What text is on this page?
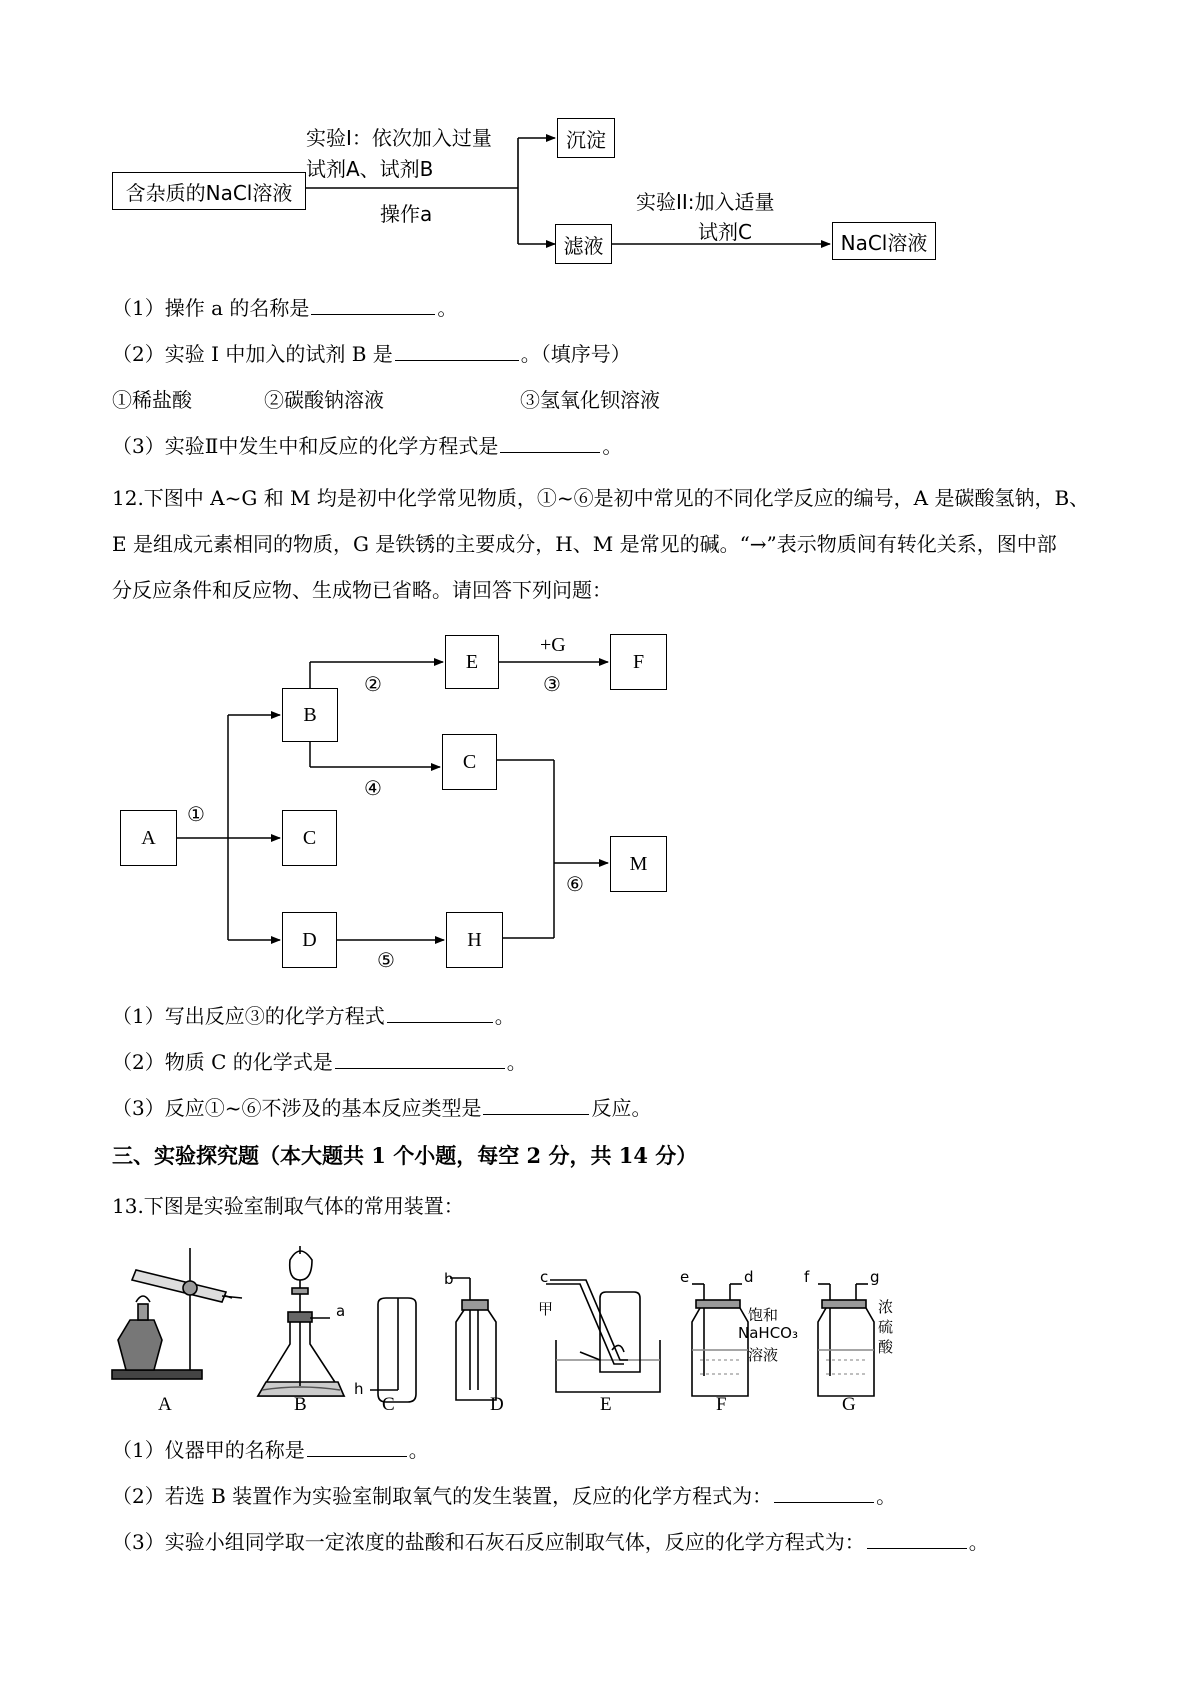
含杂质的NaCl溶液
实验I：依次加入过量
试剂A、试剂B
操作a
沉淀
滤液
实验II:加入适量
试剂C	NaCl溶液
（1）操作 a 的名称是	。
（2）实验 I 中加入的试剂 B 是	。（填序号）
①稀盐酸	②碳酸钠溶液	③氢氧化钡溶液
（3）实验Ⅱ中发生中和反应的化学方程式是	。
12.下图中 A~G 和 M 均是初中化学常见物质，①~⑥是初中常见的不同化学反应的编号，A 是碳酸氢钠，B、
E 是组成元素相同的物质，G 是铁锈的主要成分，H、M 是常见的碱。“→”表示物质间有转化关系，图中部
分反应条件和反应物、生成物已省略。请回答下列问题：
A
B
E	F
C
C
M
D	H
①
②
+G
③
④
⑤
⑥
（1）写出反应③的化学方程式	。
（2）物质 C 的化学式是	。
（3）反应①~⑥不涉及的基本反应类型是	反应。
三、实验探究题（本大题共 1 个小题，每空 2 分，共 14 分）
13.下图是实验室制取气体的常用装置：
a
h
b	c
甲
e	d	f	g
饱和
NaHCO₃
溶液
浓
硫
酸
A	B	C	D	E	F	G
（1）仪器甲的名称是	。
（2）若选 B 装置作为实验室制取氧气的发生装置，反应的化学方程式为：	。
（3）实验小组同学取一定浓度的盐酸和石灰石反应制取气体，反应的化学方程式为：	。
